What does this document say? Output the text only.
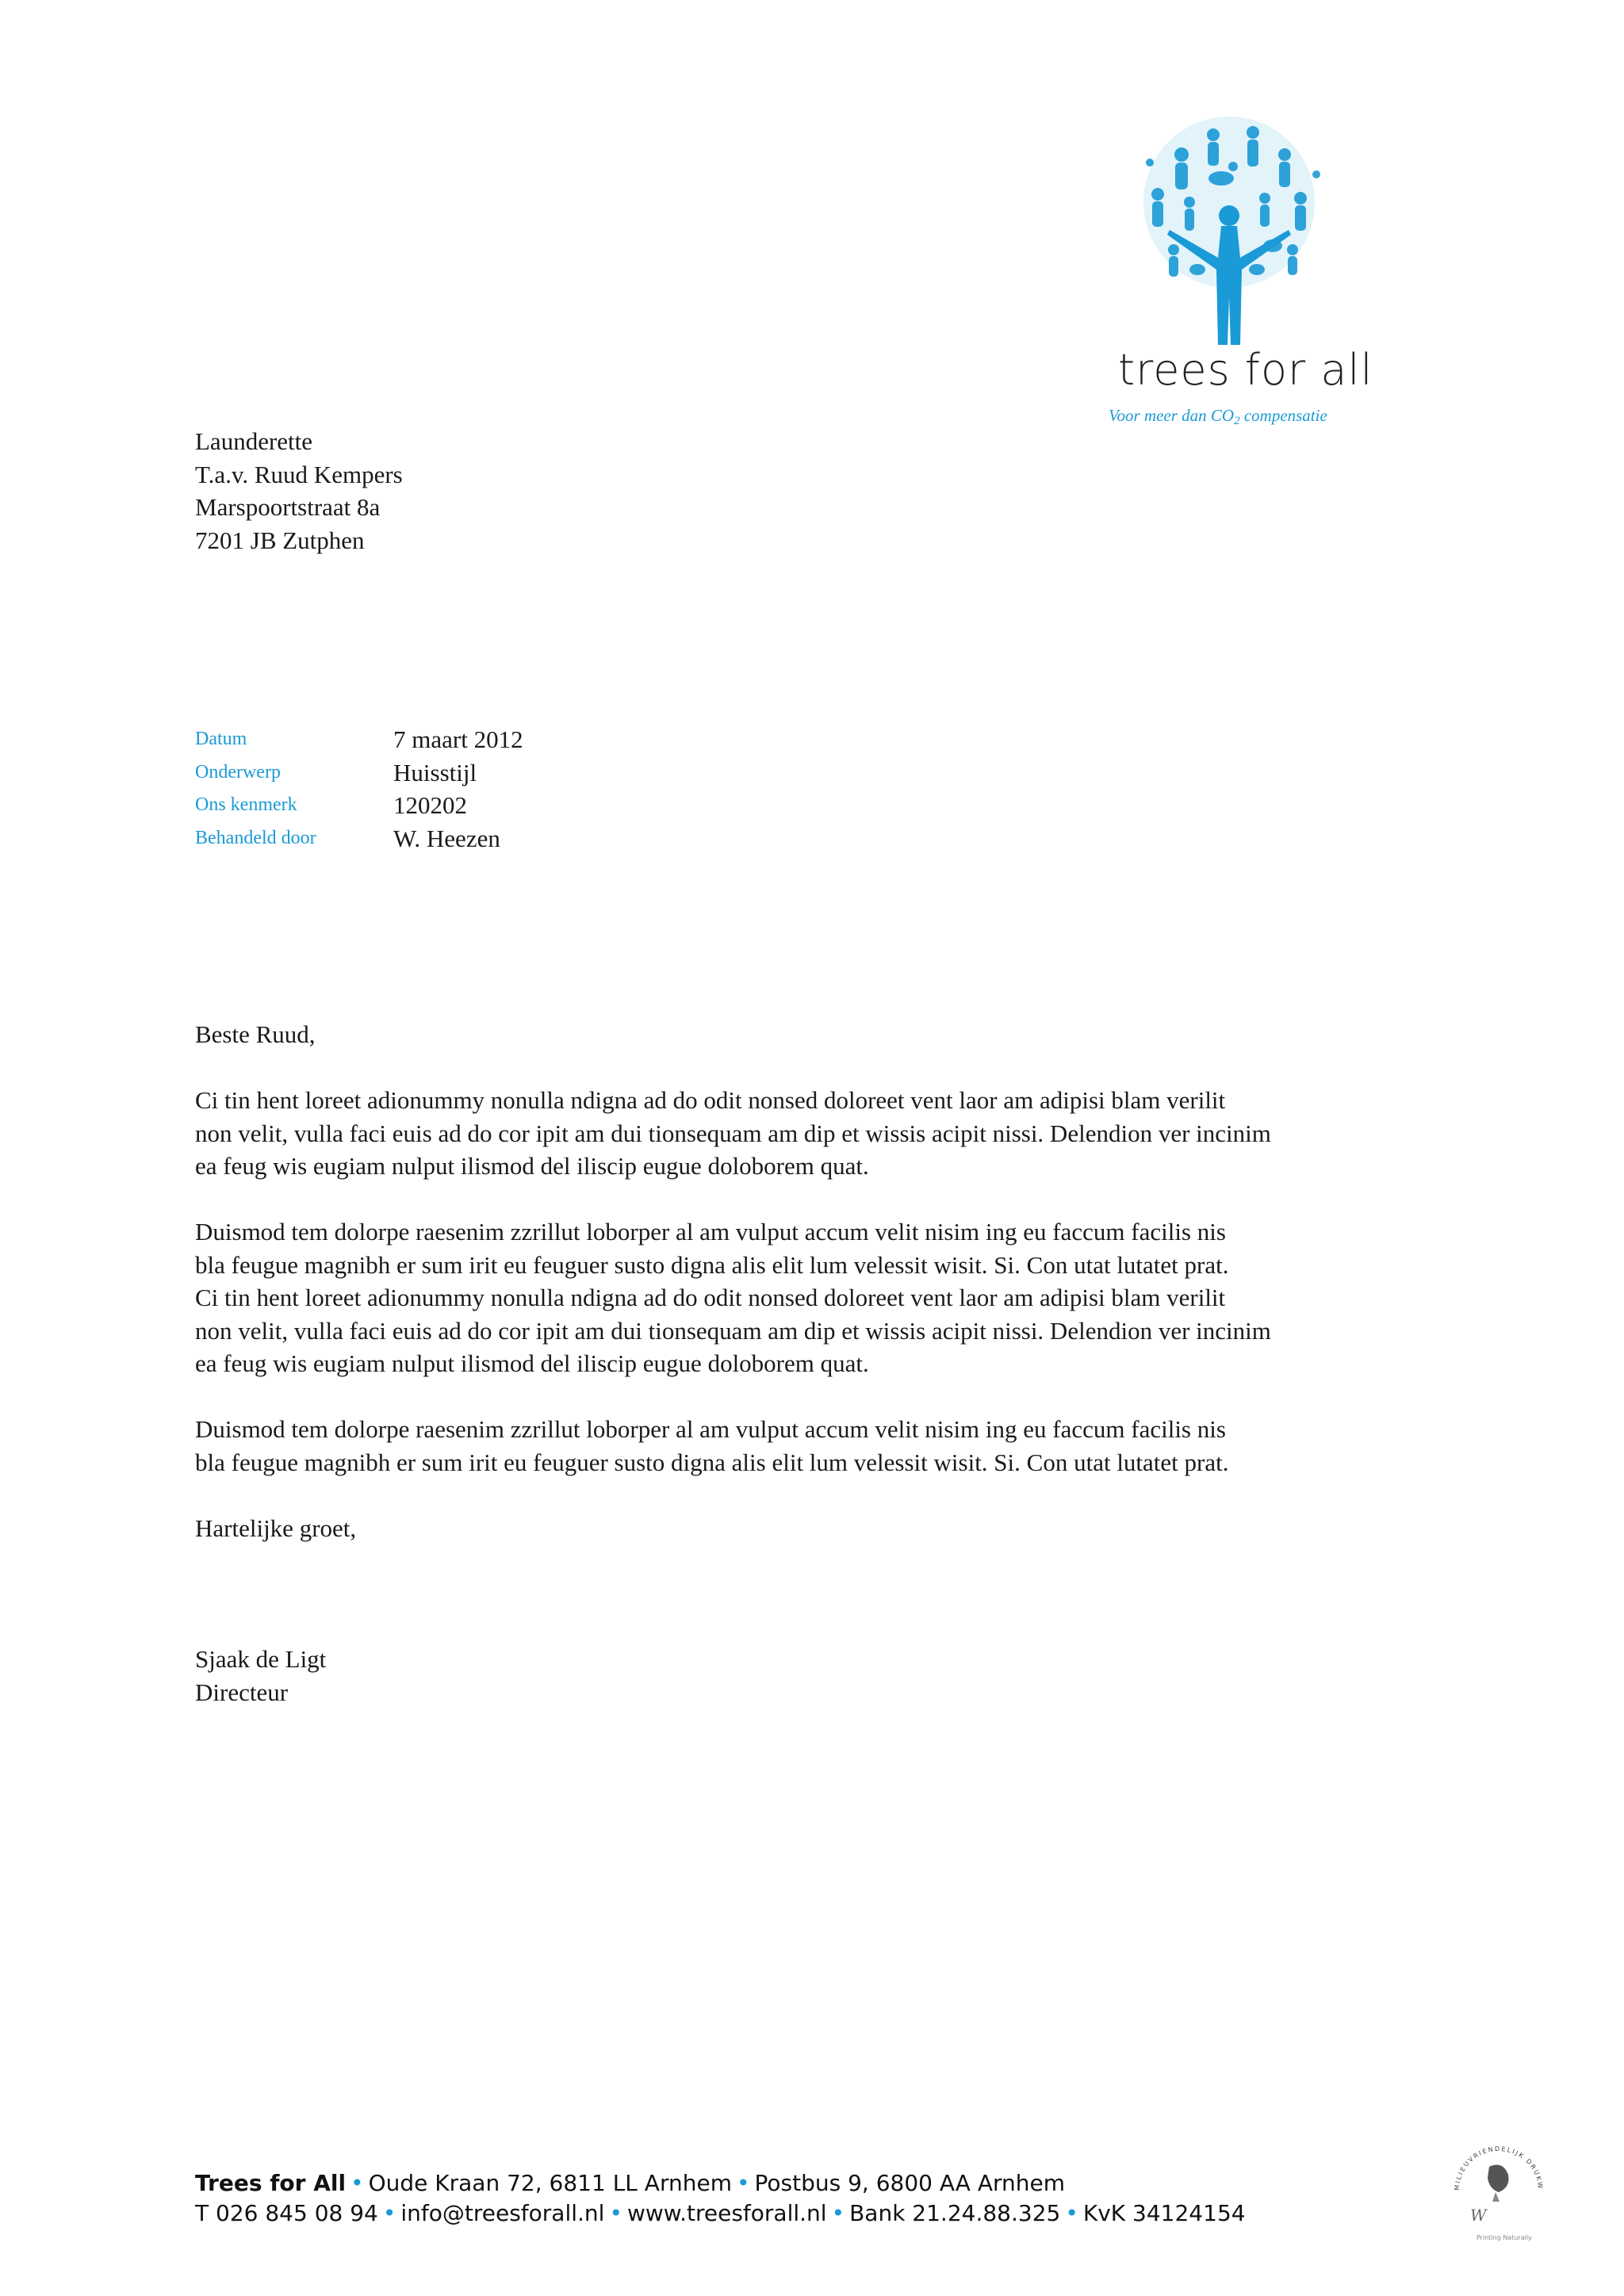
trees for all
Voor meer dan $CO_2$ compensatie
Launderette
T.a.v. Ruud Kempers
Marspoortstraat 8a
7201 JB Zutphen
Datum	7 maart 2012
Onderwerp	Huisstijl
Ons kenmerk	120202
Behandeld door	W. Heezen
Beste Ruud,
Ci tin hent loreet adionummy nonulla ndigna ad do odit nonsed doloreet vent laor am adipisi blam verilit
non velit, vulla faci euis ad do cor ipit am dui tionsequam am dip et wissis acipit nissi. Delendion ver incinim
ea feug wis eugiam nulput ilismod del iliscip eugue doloborem quat.
Duismod tem dolorpe raesenim zzrillut loborper al am vulput accum velit nisim ing eu faccum facilis nis
bla feugue magnibh er sum irit eu feuguer susto digna alis elit lum velessit wisit. Si. Con utat lutatet prat.
Ci tin hent loreet adionummy nonulla ndigna ad do odit nonsed doloreet vent laor am adipisi blam verilit
non velit, vulla faci euis ad do cor ipit am dui tionsequam am dip et wissis acipit nissi. Delendion ver incinim
ea feug wis eugiam nulput ilismod del iliscip eugue doloborem quat.
Duismod tem dolorpe raesenim zzrillut loborper al am vulput accum velit nisim ing eu faccum facilis nis
bla feugue magnibh er sum irit eu feuguer susto digna alis elit lum velessit wisit. Si. Con utat lutatet prat.
Hartelijke groet,
Sjaak de Ligt
Directeur
Trees for All • Oude Kraan 72, 6811 LL Arnhem • Postbus 9, 6800 AA Arnhem
T 026 845 08 94 • info@treesforall.nl • www.treesforall.nl • Bank 21.24.88.325 • KvK 34124154
MILIEUVRIENDELIJK DRUKW
W
Printing Naturally
